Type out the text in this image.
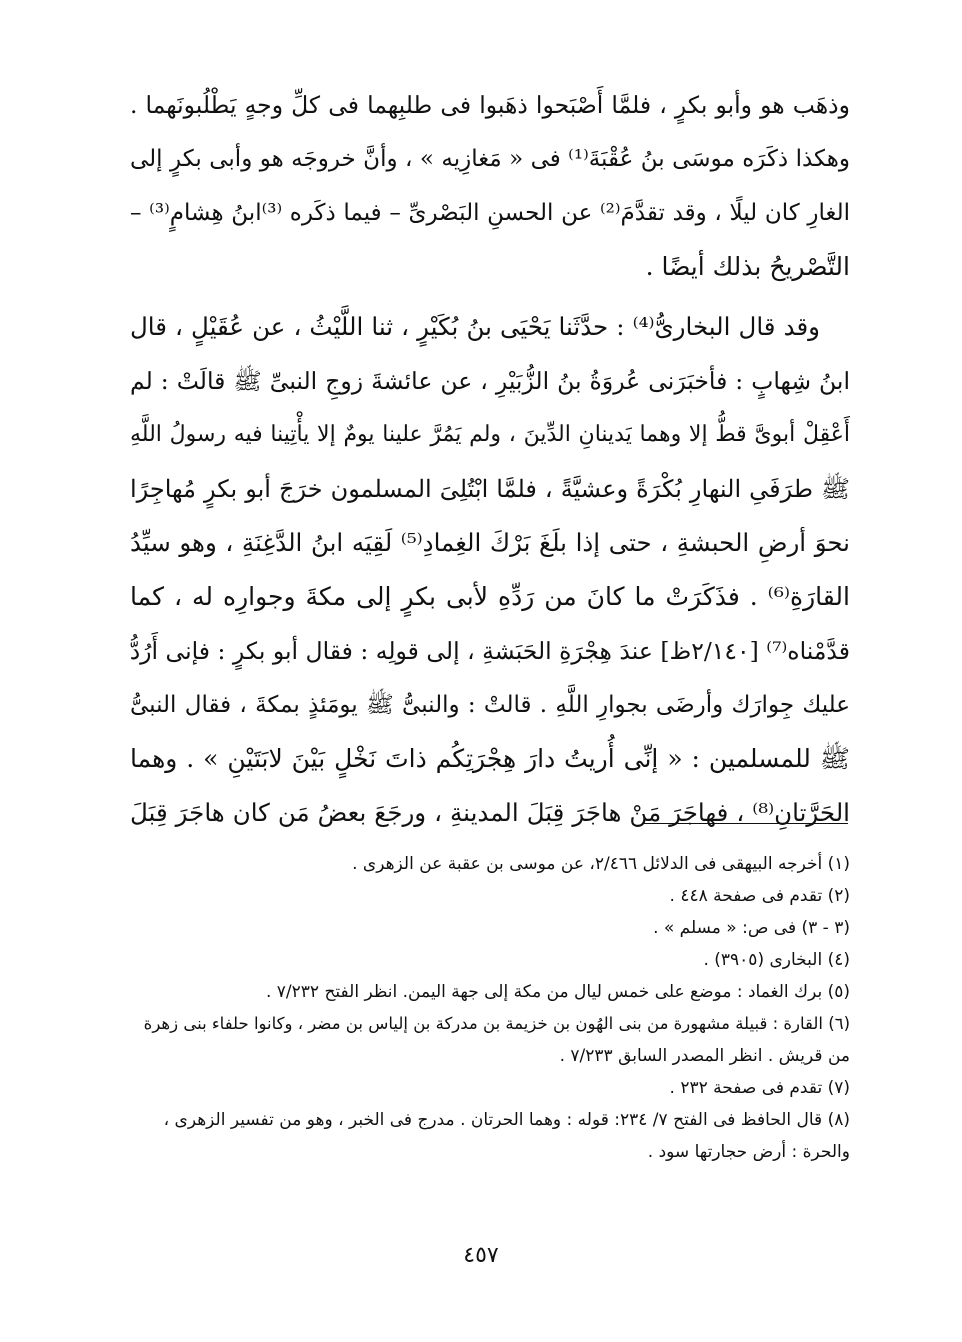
وذهَب هو وأبو بكرٍ ، فلمَّا أَصْبَحوا ذهَبوا فى طلبِهما فى كلِّ وجهٍ يَطْلُبونَهما .
وهكذا ذكَرَه موسَى بنُ عُقْبَةَ⁽¹⁾ فى « مَغازِيه » ، وأنَّ خروجَه هو وأبى بكرٍ إلى
الغارِ كان ليلًا ، وقد تقدَّمَ⁽²⁾ عن الحسنِ البَصْرىِّ – فيما ذكَره ⁽³⁾ابنُ هِشامٍ⁽³⁾ –
التَّصْريحُ بذلك أيضًا .
وقد قال البخارىُّ⁽⁴⁾ : حدَّثَنا يَحْيَى بنُ بُكَيْرٍ ، ثنا اللَّيْثُ ، عن عُقَيْلٍ ، قال
ابنُ شِهابٍ : فأخبَرَنى عُروَةُ بنُ الزُّبَيْرِ ، عن عائشةَ زوجِ النبىِّ ﷺ قالَتْ : لم
أَعْقِلْ أبوىَّ قطُّ إلا وهما يَدينانِ الدِّينَ ، ولم يَمُرَّ علينا يومٌ إلا يأْتِينا فيه رسولُ اللَّهِ
ﷺ طرَفَىِ النهارِ بُكْرَةً وعشيَّةً ، فلمَّا ابْتُلِىَ المسلمون خرَجَ أبو بكرٍ مُهاجِرًا
نحوَ أرضِ الحبشةِ ، حتى إذا بلَغَ بَرْكَ الغِمادِ⁽⁵⁾ لَقِيَه ابنُ الدَّغِنَةِ ، وهو سيِّدُ
القارَةِ⁽⁶⁾ . فذَكَرَتْ ما كانَ من رَدِّهِ لأبى بكرٍ إلى مكةَ وجوارِه له ، كما
قدَّمْناه⁽⁷⁾ [٢/١٤٠ظ] عندَ هِجْرَةِ الحَبَشةِ ، إلى قولِه : فقال أبو بكرٍ : فإنى أَرُدُّ
عليك جِوارَك وأرضَى بجوارِ اللَّهِ . قالتْ : والنبىُّ ﷺ يومَئذٍ بمكةَ ، فقال النبىُّ
ﷺ للمسلمين : « إنِّى أُريتُ دارَ هِجْرَتِكُم ذاتَ نَخْلٍ بَيْنَ لابَتَيْنِ » . وهما
الحَرَّتانِ⁽⁸⁾ ، فهاجَرَ مَنْ هاجَرَ قِبَلَ المدينةِ ، ورجَعَ بعضُ مَن كان هاجَرَ قِبَلَ
(١) أخرجه البيهقى فى الدلائل ٢/٤٦٦، عن موسى بن عقبة عن الزهرى .
(٢) تقدم فى صفحة ٤٤٨ .
(٣ - ٣) فى ص: « مسلم » .
(٤) البخارى (٣٩٠٥) .
(٥) برك الغماد : موضع على خمس ليال من مكة إلى جهة اليمن. انظر الفتح ٧/٢٣٢ .
(٦) القارة : قبيلة مشهورة من بنى الهُون بن خزيمة بن مدركة بن إلياس بن مضر ، وكانوا حلفاء بنى زهرة
من قريش . انظر المصدر السابق ٧/٢٣٣ .
(٧) تقدم فى صفحة ٢٣٢ .
(٨) قال الحافظ فى الفتح ٧/ ٢٣٤: قوله : وهما الحرتان . مدرج فى الخبر ، وهو من تفسير الزهرى ،
والحرة : أرض حجارتها سود .
٤٥٧
